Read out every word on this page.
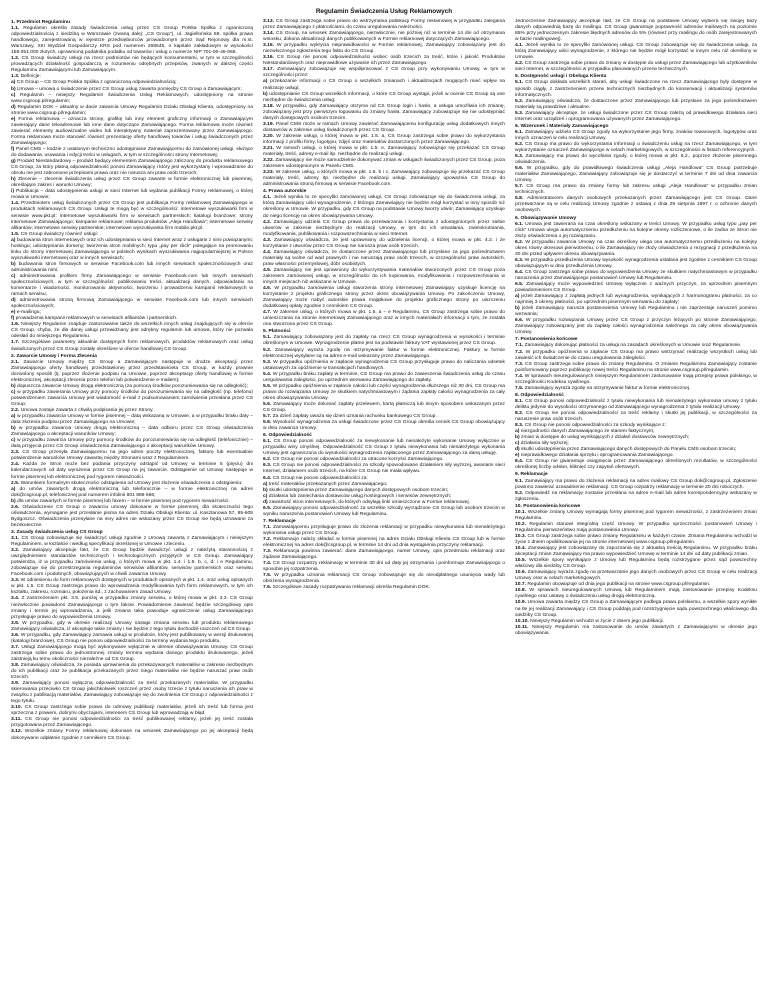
Regulamin Świadczenia Usług Reklamowych
1. Przedmiot Regulaminu

1.1. Regulamin określa zasady świadczenia usług przez CS Group Polska Spółka z ograniczoną odpowiedzialnością z siedzibą w Warszawie (zwaną dalej: „CS Group”), ul. Jagiellońska 69, spółka prawa handlowego, zarejestrowaną w rejestrze przedsiębiorców prowadzonym przez Sąd Rejonowy dla m.st. Warszawy, XIII Wydział Gospodarczy KRS pod numerem 268645, o kapitale zakładowym w wysokości 159.051.000 złotych, uprawnioną podatnika podatku od towarów i usług o numerze NIP 701-00-46-065.

1.2. CS Group świadczy usługi na rzecz podmiotów nie będących konsumentami, w tym w szczególności prowadzących działalność gospodarczą w rozumieniu odrębnych przepisów, zwanych w dalszej części Regulaminu Zamawiającymi lub Zamawiającym.

1.3. Definicje:

a) CS Group – CS Group Polska Spółka z ograniczoną odpowiedzialnością;

b) Umowa – umowa o świadczenie przez CS Group usług zawarta pomiędzy CS Group a Zamawiającym;

c) Regulamin – niniejszy Regulamin świadczenia Usług Reklamowych, udostępniony na stronie www.csgroup.pl/regulamin;

d) Regulamin DOK – aktualny w dacie zawarcia Umowy Regulamin Działu Obsługi Klienta, udostępniony na stronie www.csgroup.pl/regulamin;

e) Forma reklamowa – oznacza stronę, grafikę lub inny element graficzny informacji o Zamawiającym zawierający dane teleadresowe lub inne dane dotyczące Zamawiającego. Forma reklamowa może również zawierać elementy audiowizualne wideo lub interaktywny materiał zaprezentowany przez Zamawiającego. Forma reklamowa może stanowić również prezentację oferty handlowej towarów i usług świadczonych przez Zamawiającego;

f) Panel CMS – kodzie z ustalonym techniczno udostępniane Zamawiającemu do zamówionej usługi, służące do dodawania, usuwania i edycji treści w usługach, w tym w szczególności strony internetowej;

g) Produkt Niestandardowy – produkt będący elementem Zamawiającego zaliczony do produktu reklamowego CS Group, za który płatną odpowiedzialność ponosi Zamawiający i który jest wykorzystany i wprowadzanie do obrotu nie jest zabronione przepisami prawa oraz nie narusza ani praw osób trzecich;

h) Zlecenie – zlecenie świadczenia usług przez CS Group zawarte w formie elektronicznej lub pisemnej, określające zakres i warunki Umowy;

i) Publikacja – data udostępnienia usługi w sieci Internet lub wydania publikacji Formy reklamowej, o której mowa w Umowie;

1.4. Przedmiotem usług świadczonych przez CS Group jest publikacja Formy reklamowej Zamawiającego w produktach reklamowych CS Group. Usługi te mogą być w szczególności: internetowe wyszukiwarki firm w serwisie www.pkt.pl; internetowe wyszukiwarki firm w serwisach partnerskich; katalogi branżowe; strony internetowe Zamawiającego; kampanie reklamowe; reklama produktów „Aleja Handlowa”; internetowe serwisy afiliantów; internetowe serwisy partnerskie; internetowe wyszukiwarka firm mobile.pkt.pl.

1.5. CS Group świadczy również usługi:

a) budowania stron internetowych oraz ich udostępniania w sieci Internet wraz z usługami z nimi powiązanymi; hostingu; udostępniania domeny; tworzenia stron mobilnych; typu „pay per click” polegające na promowaniu linku do strony internetowej Zamawiającego w polskich wynikach wyszukiwania najpopularniejszej w Polsce wyszukiwarki internetowej oraz w innych serwisach;

b) budowania stron firmowych w serwisie Facebook.com lub innych serwisach społecznościowych oraz administrowania nimi;

c) administrowania profilem firmy Zamawiającego w serwisie Facebook.com lub innych serwisach społecznościowych, w tym w szczególności: publikowaniu treści, aktualizacji danych, odpowiadaniu na komentarze i wiadomości, monitorowaniu aktywności, tworzeniu i prowadzeniu kampanii reklamowych w ramach serwisu;

d) administrowania stroną firmową Zamawiającego w serwisie Facebook.com lub innych serwisach społecznościowych;

e) e-mailingu;

f) prowadzenia kampanii reklamowych w serwisach afiliantów i partnerskich.

1.6. Niniejszy Regulamin znajduje zastosowanie także do wszelkich innych usług znajdujących się w ofercie CS Group, chyba, że dla danej usługi przewidziany jest odrębny regulamin lub umowa, który nie pozwala odesłań do niniejszego Regulaminu.

1.7. Szczegółowe parametry aktualnie dostępnych form reklamowych, produktów reklamowych oraz usług świadczonych przez CS Group zostały określone w ofercie handlowej CS Group.

2. Zawarcie Umowy i Forma Zlecenia

2.1. Zawarcie Umowy między CS Group a Zamawiającym następuje w drodze akceptacji przez Zamawiającego oferty handlowej przedstawionej przez przedstawiciela CS Group, w każdy prawnie dozwolony sposób (tj. poprzez złożenie podpisu na Umowie, poprzez akceptację oferty handlowej w formie elektronicznej, akceptacji zlecenia przez telefon lub potwierdzenie e-mailem);

b) dopuszcza zawarcie Umowy drogą elektroniczną (za pomocą środków porozumiewania się na odległość);

c) w przypadku zawierania Umowy przy pomocy środków do porozumiewania się na odległość (np. telefonu) potwierdzeniem zawarcia Umowy jest wiadomość e-mail z podsumowaniem zamówienia przesłana przez CS Group;

2.2. Umowa zostaje zawarta z chwilą podpisania jej przez Strony.

a) w przypadku zawarcia Umowy w formie pisemnej – datą wskazaną w Umowie, a w przypadku braku daty – data złożenia podpisu przez Zamawiającego na Umowie;

b) w przypadku zawarcia Umowy drogą elektroniczną – data odbioru przez CS Group oświadczenia Zamawiającego o akceptacji warunków Umowy;

c) w przypadku zawarcia Umowy przy pomocy środków do porozumiewania się na odległość (telefonicznie) – datą przyjęcia przez CS Group oświadczenia Zamawiającego o akceptacji warunków Umowy.

2.3. CS Group przesyła Zamawiającemu na jego adres poczty elektronicznej, fakturę lub ewentualnie potwierdzenie warunków Umowy zawartej między Stronami wraz z Regulaminem.

2.4. Każda ze Stron może bez podania przyczyny odstąpić od Umowy w terminie 5 (pięciu) dni kalendarzowych od daty wyrażenia przez CS Group na jej zawarcie. Odstąpienie od Umowy następuje w formie pisemnej lub elektronicznej pod rygorem nieważności.

2.5. Warunkiem formalnym skuteczności odstąpienia od Umowy jest złożenie oświadczenia o odstąpieniu:

a) do umów zawartych drogą elektroniczną lub telefonicznie – w formie elektronicznej na adres dok@csgroup.pl, telefonicznej pod numerem infolinii 801 888 666;

b) dla umów zawartych w formie pisemnej lub faxem – w formie pisemnej pod rygorem nieważności.

2.6. Oświadczenie CS Group o zawarciu umowy dokonane w formie pisemnej, dla skuteczności tego oświadczenia, wymagane jest przesłanie pisma na adres Działu Obsługi Klienta: ul. Kasztanowa 57, 85-605 Bydgoszcz. Oświadczenia przesyłane na inny adres nie wskazany przez CS Group nie będą uznawane za bezskuteczne.

3. Zasady świadczenia usług CS Group

3.1. CS Group zobowiązuje się świadczyć usługi zgodnie z Umową zawartą z Zamawiającym i niniejszym Regulaminem, w kształcie i według specyfikacji określonej w Umowie i zleceniu.

3.2. Zamawiający akceptuje fakt, że CS Group będzie świadczyć usługi z należytą starannością z uwzględnieniem standardów technicznych i technologicznych przyjętych w CS Group. Zamawiający potwierdza, iż w przypadku zamówienia usług, o których mowa w pkt. 1.4. i 1.5. b, c, d, i e Regulaminu, zobowiązuje się do przestrzegania regulaminów serwisów afiliantów, serwisów partnerskich oraz serwisu Facebook.com i podobnych, obowiązujących w chwili zawarcia Umowy.

3.3. W odniesieniu do form reklamowych dostępnych w produktach opisanych w pkt. 1.4. oraz usług opisanych w pkt. 1.5. CS Group zastrzega prawo do wprowadzania modyfikowania tych form reklamowych, w tym ich kształtu, zakresu, rozmiaru, położenia itd., z zachowaniem zasad Umowy.

3.4. Z zastrzeżeniem pkt. 3.5. poniżej w przypadku zmiany serwisu, o której mowa w pkt. 3.3. CS Group niezwłocznie powiadomi Zamawiającego o tym fakcie. Powiadomienie zawierać będzie szczegółowy opis zmiany i termin jej wprowadzenia, a jeśli zmiana taka powoduje ograniczenie usług Zamawiającego przysługuje prawo do wypowiedzenia Umowy.

3.5. W przypadku, gdy w okresie realizacji Umowy nastąpi zmiana serwisu lub produktu reklamowego Zamawiający oświadcza, iż akceptuje takie zmiany i nie będzie z tego tytułu dochodził roszczeń od CS Group.

3.6. W przypadku, gdy Zamawiający zamawia usługi w produkcie, który jest publikowany w wersji drukowanej (katalogi branżowe), CS Group nie ponosi odpowiedzialności za terminy wydania tego produktu.

3.7. Usługi Zamawiającego mogą być wykonywane wyłącznie w okresie obowiązywania Umowy. CS Group zastrzega sobie prawo do jednostronnej zmiany terminu wydania danego produktu drukowanego, jeżeli zaistnieją ku temu okoliczności niezależne od CS Group.

3.8. Zamawiający oświadcza, że posiada uprawnienia do przekazywanych materiałów w zakresie niezbędnym do ich publikacji oraz że publikacja przekazanych przez niego materiałów nie będzie naruszać praw osób trzecich.

3.9. Zamawiający ponosi wyłączną odpowiedzialność za treść przekazanych materiałów. W przypadku skierowania przeciwko CS Group jakichkolwiek roszczeń przez osoby trzecie z tytułu naruszenia ich praw w związku z publikacją materiałów, Zamawiający zobowiązuje się do zwolnienia CS Group z odpowiedzialności z tego tytułu.

3.10. CS Group zastrzega sobie prawo do odmowy publikacji materiałów, jeżeli ich treść lub forma jest sprzeczna z prawem, dobrymi obyczajami, interesem CS Group lub wprowadzają w błąd.

3.11. CS Group nie ponosi odpowiedzialności za treść publikowanej reklamy, jeżeli jej treść została przygotowana przez Zamawiającego.

3.12. Wszelkie zmiany Formy reklamowej dokonane na wniosek Zamawiającego po jej akceptacji będą dokonywane odpłatnie zgodnie z cennikiem CS Group.

3.13. CS Group zastrzega sobie prawo do wstrzymania publikacji Formy reklamowej w przypadku zalegania przez Zamawiającego z płatnościami, do czasu uregulowania należności.

3.14. CS Group, na wniosek Zamawiającego, niezwłocznie, nie później niż w terminie 14 dni od otrzymania wniosku, dokona aktualizacji danych publikowanych w Formie reklamowej dotyczących Zamawiającego.

3.15. W przypadku wykrycia nieprawidłowości w Formie reklamowej, Zamawiający zobowiązany jest do niezwłocznego zgłoszenia tego faktu do CS Group.

3.16. CS Group nie ponosi odpowiedzialności wobec osób trzecich za treść, które i jakość Produktów Niestandardowych oraz nieprawidłowe używanie ich przez Zamawiającego.

3.17. Zamawiający zobowiązuje się współpracować z CS Group przy wykonywaniu Umowy, w tym w szczególności przez:

a) przekazanie informacji o CS Group o wszelkich zmianach i aktualizacjach mogących mieć wpływ na realizację usługi;

b) udostępnianie CS Group wszelkich informacji, o które CS Group wystąpi, jeżeli w ocenie CS Group są one niezbędne do świadczenia usług;

3.18. W przypadku, gdy Zamawiający otrzyma od CS Group login i hasło, a usługa umożliwia ich zmianę, zobowiązany jest przy pierwszym logowaniu do zmiany hasła. Zamawiający zobowiązuje się nie udostępniać danych dostępowych osobom trzecim.

3.19. Panel CMS może w ramach Umowy zawierać Zamawiającemu konfigurację usług dodatkowych innych dostawców w zakresie usług świadczonych przez CS Group.

3.20. W zakresie usługi, o której mowa w pkt. 1.5. a, CS Group zastrzega sobie prawo do wykorzystania informacji z profilu firmy, logotypu, zdjęć oraz materiałów dostarczonych przez Zamawiającego.

3.21. W ramach usługi, o której mowa w pkt. 1.5. e, Zamawiający zobowiązuje się przekazać CS Group materiały, treść, adresy e-mail itp. niezbędne do realizacji usługi.

3.22. Zamawiający nie może samodzielnie dokonywać zmian w usługach świadczonych przez CS Group, poza zakresem udostępnionym w Panelu CMS.

3.23. W zakresie usług, o których mowa w pkt. 1.5. b i c, Zamawiający zobowiązuje się przekazać CS Group materiały, treść, adresy itp. niezbędne do realizacji usługi. Zamawiający upoważnia CS Group do administrowania stroną firmową w serwisie Facebook.com.

4. Prawa autorskie

4.1. Jeżeli wynika to ze specyfiki zamówionej usługi, CS Group zobowiązuje się do świadczenia usługi, za którą Zamawiający uiści wynagrodzenie, z którego Zamawiający nie będzie mógł korzystać w inny sposób niż określony w Umowie. W przypadku, gdy CS Group na podstawie Umowy tworzy utwór, Zamawiający uzyskuje do niego licencję na okres obowiązywania Umowy.

4.2. Zamawiający udziela CS Group prawa do przetwarzania i korzystania z udostępnionych przez siebie utworów w zakresie niezbędnym do realizacji Umowy, w tym do ich utrwalania, zwielokrotniania, modyfikowania, publikowania i rozpowszechniania w sieci Internet.

4.3. Zamawiający oświadcza, że jest uprawniony do udzielenia licencji, o której mowa w pkt. 4.2. i że korzystanie z utworów przez CS Group nie narusza praw osób trzecich.

4.4. Zamawiający oświadcza, że dostarczone przez Zamawiającego lub przysłane za jego pośrednictwem materiały są wolne od wad prawnych i nie naruszają praw osób trzecich, w szczególności praw autorskich, praw własności przemysłowej, dóbr osobistych.

4.5. Zamawiający nie jest uprawniony do wykorzystywania materiałów stworzonych przez CS Group poza zakresem zamówionej usługi, w szczególności do ich kopiowania, modyfikowania i rozpowszechniania w innych miejscach niż wskazane w Umowie.

4.6. W przypadku zamówienia usługi stworzenia strony internetowej Zamawiający uzyskuje licencję na korzystanie z projektu graficznego strony przez okres obowiązywania Umowy. Po zakończeniu Umowy, Zamawiający może nabyć autorskie prawa majątkowe do projektu graficznego strony po uiszczeniu dodatkowej opłaty zgodnie z cennikiem CS Group.

4.7. W zakresie usług, o których mowa w pkt. 1.5. a – e Regulaminu, CS Group zastrzega sobie prawo do umieszczania na stronie internetowej Zamawiającego oraz w innych materiałach informacji o tym, że została ona stworzona przez CS Group.

5. Płatności

5.1. Zamawiający zobowiązany jest do zapłaty na rzecz CS Group wynagrodzenia w wysokości i terminie określonym w Umowie. Wynagrodzenie płatne jest na podstawie faktury VAT wystawionej przez CS Group.

5.2. Zamawiający wyraża zgodę na otrzymywanie faktur w formie elektronicznej. Faktury w formie elektronicznej wysyłane są na adres e-mail wskazany przez Zamawiającego.

5.3. W przypadku opóźnienia w zapłacie wynagrodzenia CS Group przysługuje prawo do naliczania odsetek ustawowych za opóźnienie w transakcjach handlowych.

5.4. W przypadku braku zapłaty w terminie, CS Group ma prawo do zawieszenia świadczenia usług do czasu uregulowania zaległości, po uprzednim wezwaniu Zamawiającego do zapłaty.

5.5. W przypadku opóźnienia w zapłacie całości lub części wynagrodzenia dłuższego niż 30 dni, CS Group ma prawo do rozwiązania Umowy ze skutkiem natychmiastowym i żądania zapłaty całości wynagrodzenia za cały okres obowiązywania Umowy.

5.6. Zamawiający może dokonać zapłaty przelewem, kartą płatniczą lub innym sposobem wskazanym przez CS Group.

5.7. Za dzień zapłaty uważa się dzień uznania rachunku bankowego CS Group.

5.8. Wysokość wynagrodzenia za usługi świadczone przez CS Group określa cennik CS Group obowiązujący w dniu zawarcia Umowy.

6. Odpowiedzialność

6.1. CS Group ponosi odpowiedzialność za niewykonanie lub nienależyte wykonanie Umowy wyłącznie w przypadku winy umyślnej. Odpowiedzialność CS Group z tytułu niewykonania lub nienależytego wykonania Umowy jest ograniczona do wysokości wynagrodzenia zapłaconego przez Zamawiającego za daną usługę.

6.2. CS Group nie ponosi odpowiedzialności za utracone korzyści Zamawiającego.

6.3. CS Group nie ponosi odpowiedzialności za szkody spowodowane działaniem siły wyższej, awariami sieci Internet, działaniem osób trzecich, na które CS Group nie miała wpływu.

6.4. CS Group nie ponosi odpowiedzialności za:

a) treść materiałów przekazanych przez Zamawiającego;

b) skutki udostępnienia przez Zamawiającego danych dostępowych osobom trzecim;

c) działania lub zaniechania dostawców usług hostingowych i serwisów zewnętrznych;

d) zawartość stron internetowych, do których odsyłają linki umieszczone w Formie reklamowej.

6.5. Zamawiający ponosi odpowiedzialność za wszelkie szkody wyrządzone CS Group lub osobom trzecim w wyniku naruszenia postanowień Umowy lub Regulaminu.

7. Reklamacje

7.1. Zamawiającemu przysługuje prawo do złożenia reklamacji w przypadku niewykonania lub nienależytego wykonania usługi przez CS Group.

7.2. Reklamacje należy składać w formie pisemnej na adres Działu Obsługi Klienta CS Group lub w formie elektronicznej na adres dok@csgroup.pl, w terminie 14 dni od dnia wystąpienia przyczyny reklamacji.

7.3. Reklamacja powinna zawierać: dane Zamawiającego, numer Umowy, opis przedmiotu reklamacji oraz żądanie Zamawiającego.

7.4. CS Group rozpatrzy reklamację w terminie 30 dni od daty jej otrzymania i poinformuje Zamawiającego o sposobie jej rozpatrzenia.

7.5. W przypadku uznania reklamacji CS Group zobowiązuje się do nieodpłatnego usunięcia wady lub obniżenia wynagrodzenia.

7.6. Szczegółowe zasady rozpatrywania reklamacji określa Regulamin DOK.

Jednocześnie Zamawiający akceptuje fakt, że CS Group na podstawie Umowy wybiera się swojej bazy danych odpowiednią bazę do mailingu. CS Group gwarantuje poprawność adresów mailowych na poziomie 85% przy jednoczesnym zakresie błędnych adresów do 5% (również przy mailingu do osób zarejestrowanych w bazie mailingowej).

4.1. Jeżeli wynika to ze specyfiki zamówionej usługi, CS Group zobowiązuje się do świadczenia usługi, za którą Zamawiający uiści wynagrodzenie, z którego nie będzie mógł korzystać w innym celu niż określony w Umowie.

4.2. CS Group zastrzega sobie prawo do zmiany w dostępie do usługi przez Zamawiającego lub użytkowników sieci Internet, w szczególności w przypadku planowanych przerw technicznych.

5. Dostępność usługi i Obsługa Klienta

5.1. CS Group dokłada wszelkich starań, aby usługi świadczone na rzecz Zamawiającego były dostępne w sposób ciągły, z zastrzeżeniem przerw technicznych niezbędnych do konserwacji i aktualizacji systemów informatycznych.

5.2. Zamawiający oświadcza, że dostarczone przez Zamawiającego lub przysłane za jego pośrednictwem materiały są prawdziwe i aktualne.

5.3. Zamawiający akceptuje, że usługi świadczone przez CS Group zależą od prawidłowego działania sieci Internet oraz urządzeń i oprogramowania używanych przez Zamawiającego.

6. Wizerunek i Materiały Zamawiającego

6.1. Zamawiający udziela CS Group zgody na wykorzystanie jego firmy, znaków towarowych, logotypów oraz innych oznaczeń w celu realizacji Umowy.

6.2. CS Group ma prawo do wykorzystania informacji o świadczeniu usług na rzecz Zamawiającego, w tym wykorzystanie oznaczeń Zamawiającego w celach marketingowych, w szczególności w listach referencyjnych.

6.3. Zamawiający ma prawo do wycofania zgody, o której mowa w pkt. 6.2., poprzez złożenie pisemnego oświadczenia.

5.6. W przypadku, gdy do prawidłowego świadczenia usługi „Aleja Handlowa” CS Group potrzebuje materiałów Zamawiającego, Zamawiający zobowiązuje się je dostarczyć w terminie 7 dni od dnia zawarcia Umowy.

5.7. CS Group ma prawo do zmiany formy lub zakresu usługi „Aleja Handlowa” w przypadku zmian technicznych.

5.8. Administratorem danych osobowych przekazanych przez Zamawiającego jest CS Group. Dane przetwarzane są w celu realizacji Umowy zgodnie z ustawą z dnia 29 sierpnia 1997 r. o ochronie danych osobowych.

6. Obowiązywanie Umowy

6.1. Umowa jest zawierana na czas określony wskazany w treści Umowy. W przypadku usług typu „pay per click” Umowa ulega automatycznemu przedłużeniu na kolejne okresy rozliczeniowe, o ile żadna ze Stron nie złoży oświadczenia o jej rozwiązaniu.

6.2. W przypadku zawarcia Umowy na czas określony ulega ona automatycznemu przedłużeniu na kolejny okres równy okresowi pierwotnemu, o ile Zamawiający nie złoży oświadczenia o rezygnacji z przedłużenia na 30 dni przed upływem okresu obowiązywania.

6.3. W przypadku przedłużenia Umowy wysokość wynagrodzenia ustalana jest zgodnie z cennikiem CS Group obowiązującym w dniu przedłużenia Umowy.

6.4. CS Group zastrzega sobie prawo do wypowiedzenia Umowy ze skutkiem natychmiastowym w przypadku naruszenia przez Zamawiającego postanowień Umowy lub Regulaminu.

6.5. Zamawiający może wypowiedzieć Umowę wyłącznie z ważnych przyczyn, za uprzednim pisemnym powiadomieniem CS Group.

a) jeżeli Zamawiający z zapłatą jednych lub wynagrodzenia, wynikających z harmonogramu płatności, za co najmniej 3 okresy płatności, po uprzednim pisemnym wezwaniu do zapłaty;

b) jeżeli Zamawiający narusza postanowienia Umowy lub Regulaminu i nie zaprzestaje naruszeń pomimo wezwania;

6.6. W przypadku rozwiązania Umowy przez CS Group z przyczyn leżących po stronie Zamawiającego, Zamawiający zobowiązany jest do zapłaty całości wynagrodzenia należnego za cały okres obowiązywania Umowy.

7. Postanowienia końcowe

7.1. Zamawiający dokonując płatności za usługi na zasadach określonych w Umowie oraz Regulaminie.

7.2. W przypadku opóźnienia w zapłacie CS Group ma prawo wstrzymać realizację wszystkich usług lub zawiesić ich świadczenie do czasu uregulowania zaległości.

7.3. CS Group zastrzega sobie prawo do zmiany Regulaminu. O zmianie Regulaminu Zamawiający zostanie poinformowany poprzez publikację nowej treści Regulaminu na stronie www.csgroup.pl/regulamin.

7.4. W sprawach nieuregulowanych niniejszym Regulaminem zastosowanie mają przepisy prawa polskiego, w szczególności Kodeksu cywilnego.

7.5. Zamawiający wyraża zgodę na otrzymywanie faktur w formie elektronicznej.

8. Odpowiedzialność

8.1. CS Group ponosi odpowiedzialność z tytułu niewykonania lub nienależytego wykonania umowy z tytułu deliktu jedynie do wysokości otrzymanego od Zamawiającego wynagrodzenia z tytułu realizacji Umowy.

8.2. CS Group nie ponosi odpowiedzialności za treść reklamy i skutki jej publikacji, w szczególności za naruszenie praw osób trzecich.

8.3. CS Group nie ponosi odpowiedzialności za szkody wynikające z:

a) niezgodności danych Zamawiającego ze stanem faktycznym;

b) zmian w dostępie do usług wynikających z działań dostawców zewnętrznych;

c) działania siły wyższej;

d) skutki udostępnienia przez Zamawiającego danych dostępowych do Panelu CMS osobom trzecim;

e) nieprawidłowego działania sprzętu i oprogramowania Zamawiającego.

8.4. CS Group nie gwarantuje osiągnięcia przez Zamawiającego określonych rezultatów, w szczególności określonej liczby odsłon, kliknięć czy zapytań ofertowych.

9. Reklamacje

9.1. Zamawiający ma prawo do złożenia reklamacji na adres mailowy CS Group dok@csgroup.pl. Zgłoszenie powinno zawierać uzasadnienie reklamacji. CS Group rozpatrzy reklamację w terminie 20 dni roboczych.

9.2. Odpowiedź na reklamację zostanie przesłana na adres e-mail lub adres korespondencyjny wskazany w zgłoszeniu.

10. Postanowienia końcowe

10.1. Wszelkie zmiany Umowy wymagają formy pisemnej pod rygorem nieważności, z zastrzeżeniem zmian Regulaminu.

10.2. Regulamin stanowi integralną część Umowy. W przypadku sprzeczności postanowień Umowy i Regulaminu pierwszeństwo mają postanowienia Umowy.

10.3. CS Group zastrzega sobie prawo zmiany Regulaminu w każdym czasie. Zmiana Regulaminu wchodzi w życie z dniem opublikowania jej na stronie internetowej www.csgroup.pl/regulamin.

10.4. Zamawiający jest zobowiązany do zapoznania się z aktualną treścią Regulaminu. W przypadku braku akceptacji zmian Zamawiający ma prawo wypowiedzieć Umowę w terminie 14 dni od daty publikacji zmian.

10.5. Wszelkie spory wynikające z Umowy lub Regulaminu będą rozstrzygane przez sąd powszechny właściwy dla siedziby CS Group.

10.6. Zamawiający wyraża zgodę na przetwarzanie jego danych osobowych przez CS Group w celu realizacji Umowy oraz w celach marketingowych.

10.7. Regulamin obowiązuje od dnia jego publikacji na stronie www.csgroup.pl/regulamin.

10.8. W sprawach nieuregulowanych Umową lub Regulaminem mają zastosowanie przepisy Kodeksu cywilnego oraz ustawy o świadczeniu usług drogą elektroniczną.

10.9. Umowa zawarta między CS Group a Zamawiającym podlega prawu polskiemu, a wszelkie spory wynikłe na tle jej realizacji Zamawiający i CS Group poddają pod rozstrzygnięcie sądu powszechnego właściwego dla siedziby CS Group.

10.10. Niniejszy Regulamin wchodzi w życie z dniem jego publikacji.

10.11. Niniejszy Regulamin ma zastosowanie do umów zawartych z Zamawiającymi w okresie jego obowiązywania.
